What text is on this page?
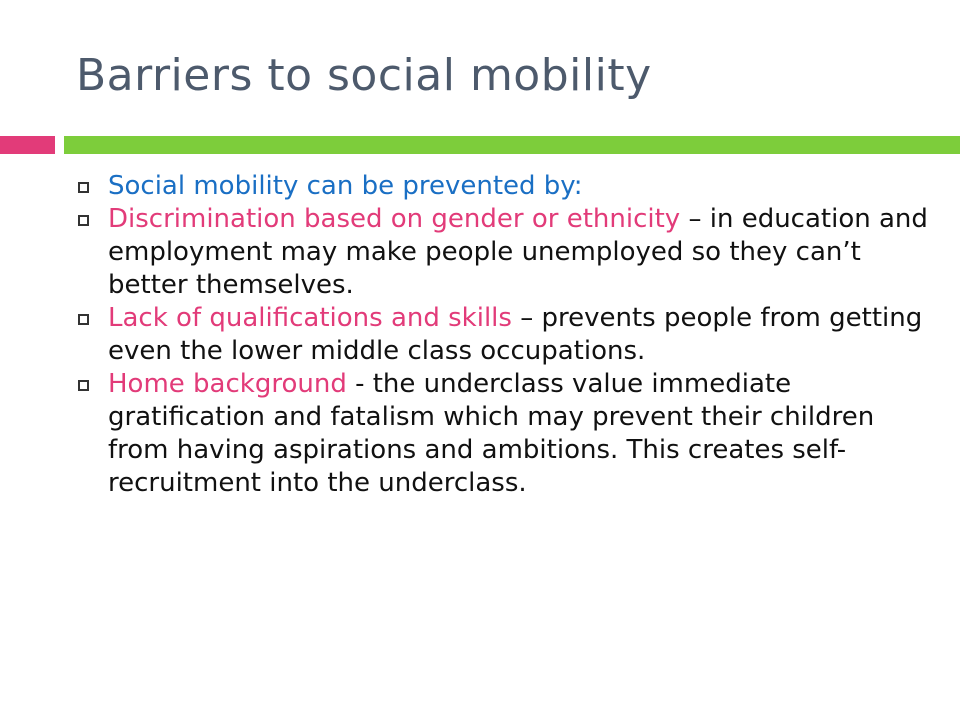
Barriers to social mobility

Social mobility can be prevented by:

Discrimination based on gender or ethnicity – in education and employment may make people unemployed so they can’t better themselves.

Lack of qualifications and skills – prevents people from getting even the lower middle class occupations.

Home background - the underclass value immediate gratification and fatalism which may prevent their children from having aspirations and ambitions. This creates self-recruitment into the underclass.
